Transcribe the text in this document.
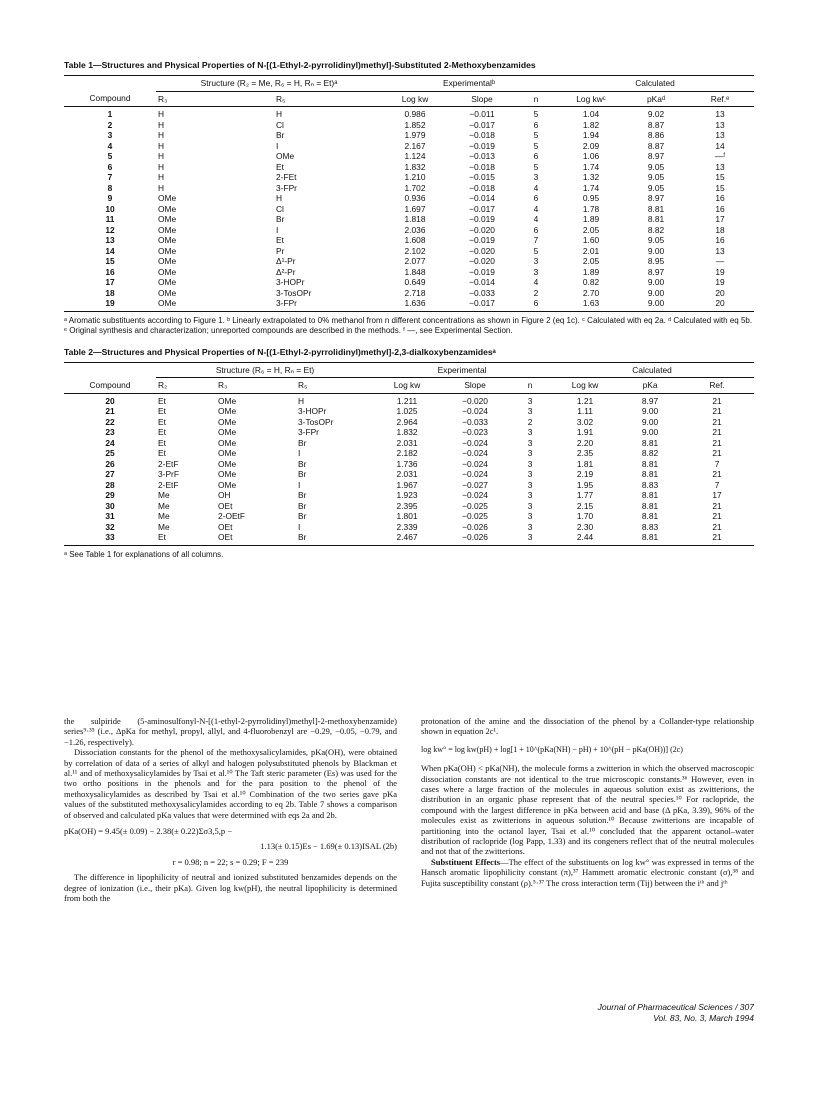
Table 1—Structures and Physical Properties of N-[(1-Ethyl-2-pyrrolidinyl)methyl]-Substituted 2-Methoxybenzamides
	Structure (R₂ = Me, R₆ = H, Rₙ = Et)ᵃ		Experimentalᵇ			Calculated		
Compound	R₃	R₅	Log kw	Slope	n	Log kwᶜ	pKaᵈ	Ref.ᵉ
1	H	H	0.986	−0.011	5	1.04	9.02	13
2	H	Cl	1.852	−0.017	6	1.82	8.87	13
3	H	Br	1.979	−0.018	5	1.94	8.86	13
4	H	I	2.167	−0.019	5	2.09	8.87	14
5	H	OMe	1.124	−0.013	6	1.06	8.97	—ᶠ
6	H	Et	1.832	−0.018	5	1.74	9.05	13
7	H	2-FEt	1.210	−0.015	3	1.32	9.05	15
8	H	3-FPr	1.702	−0.018	4	1.74	9.05	15
9	OMe	H	0.936	−0.014	6	0.95	8.97	16
10	OMe	Cl	1.697	−0.017	4	1.78	8.81	16
11	OMe	Br	1.818	−0.019	4	1.89	8.81	17
12	OMe	I	2.036	−0.020	6	2.05	8.82	18
13	OMe	Et	1.608	−0.019	7	1.60	9.05	16
14	OMe	Pr	2.102	−0.020	5	2.01	9.00	13
15	OMe	Δ¹-Pr	2.077	−0.020	3	2.05	8.95	—
16	OMe	Δ²-Pr	1.848	−0.019	3	1.89	8.97	19
17	OMe	3-HOPr	0.649	−0.014	4	0.82	9.00	19
18	OMe	3-TosOPr	2.718	−0.033	2	2.70	9.00	20
19	OMe	3-FPr	1.636	−0.017	6	1.63	9.00	20
ᵃ Aromatic substituents according to Figure 1. ᵇ Linearly extrapolated to 0% methanol from n different concentrations as shown in Figure 2 (eq 1c). ᶜ Calculated with eq 2a. ᵈ Calculated with eq 5b. ᵉ Original synthesis and characterization; unreported compounds are described in the methods. ᶠ —, see Experimental Section.
Table 2—Structures and Physical Properties of N-[(1-Ethyl-2-pyrrolidinyl)methyl]-2,3-dialkoxybenzamidesᵃ
	Structure (R₆ = H, Rₙ = Et)			Experimental			Calculated		
Compound	R₂	R₃	R₅	Log kw	Slope	n	Log kw	pKa	Ref.
20	Et	OMe	H	1.211	−0.020	3	1.21	8.97	21
21	Et	OMe	3-HOPr	1.025	−0.024	3	1.11	9.00	21
22	Et	OMe	3-TosOPr	2.964	−0.033	2	3.02	9.00	21
23	Et	OMe	3-FPr	1.832	−0.023	3	1.91	9.00	21
24	Et	OMe	Br	2.031	−0.024	3	2.20	8.81	21
25	Et	OMe	I	2.182	−0.024	3	2.35	8.82	21
26	2-EtF	OMe	Br	1.736	−0.024	3	1.81	8.81	7
27	3-PrF	OMe	Br	2.031	−0.024	3	2.19	8.81	21
28	2-EtF	OMe	I	1.967	−0.027	3	1.95	8.83	7
29	Me	OH	Br	1.923	−0.024	3	1.77	8.81	17
30	Me	OEt	Br	2.395	−0.025	3	2.15	8.81	21
31	Me	2-OEtF	Br	1.801	−0.025	3	1.70	8.81	21
32	Me	OEt	I	2.339	−0.026	3	2.30	8.83	21
33	Et	OEt	Br	2.467	−0.026	3	2.44	8.81	21
ᵃ See Table 1 for explanations of all columns.

the sulpiride (5-aminosulfonyl-N-[(1-ethyl-2-pyrrolidinyl)methyl]-2-methoxybenzamide) series⁹·³⁵ (i.e., ΔpKa for methyl, propyl, allyl, and 4-fluorobenzyl are −0.29, −0.05, −0.79, and −1.26, respectively).

Dissociation constants for the phenol of the methoxysalicylamides, pKa(OH), were obtained by correlation of data of a series of alkyl and halogen polysubstituted phenols by Blackman et al.¹¹ and of methoxysalicylamides by Tsai et al.¹⁰ The Taft steric parameter (Es) was used for the two ortho positions in the phenols and for the para position to the phenol of the methoxysalicylamides as described by Tsai et al.¹⁰ Combination of the two series gave pKa values of the substituted methoxysalicylamides according to eq 2b. Table 7 shows a comparison of observed and calculated pKa values that were determined with eqs 2a and 2b.

pKa(OH) = 9.45(± 0.09) − 2.38(± 0.22)Σσ3,5,p −
1.13(± 0.15)Es − 1.69(± 0.13)ISAL (2b)
r = 0.98; n = 22; s = 0.29; F = 239

The difference in lipophilicity of neutral and ionized substituted benzamides depends on the degree of ionization (i.e., their pKa). Given log kw(pH), the neutral lipophilicity is determined from both the

protonation of the amine and the dissociation of the phenol by a Collander-type relationship shown in equation 2c¹.

log kw° = log kw(pH) + log[1 + 10^(pKa(NH) − pH) + 10^(pH − pKa(OH))] (2c)

When pKa(OH) < pKa(NH), the molecule forms a zwitterion in which the observed macroscopic dissociation constants are not identical to the true microscopic constants.³⁶ However, even in cases where a large fraction of the molecules in aqueous solution exist as zwitterions, the distribution in an organic phase represent that of the neutral species.¹⁰ For raclopride, the compound with the largest difference in pKa between acid and base (Δ pKa, 3.39), 96% of the molecules exist as zwitterions in aqueous solution.¹⁰ Because zwitterions are incapable of partitioning into the octanol layer, Tsai et al.¹⁰ concluded that the apparent octanol–water distribution of raclopride (log Papp, 1.33) and its congeners reflect that of the neutral molecules and not that of the zwitterions.

Substituent Effects—The effect of the substituents on log kw° was expressed in terms of the Hansch aromatic lipophilicity constant (π),³⁷ Hammett aromatic electronic constant (σ),³⁸ and Fujita susceptibility constant (ρ).⁵·³⁷ The cross interaction term (Tij) between the iᵗʰ and jᵗʰ

Journal of Pharmaceutical Sciences / 307
Vol. 83, No. 3, March 1994
